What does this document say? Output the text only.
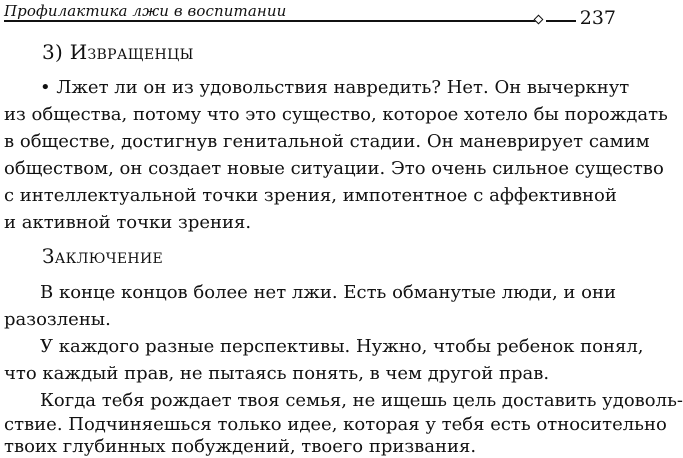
Профилактика лжи в воспитании	237
3) Извращенцы
• Лжет ли он из удовольствия навредить? Нет. Он вычеркнут
из общества, потому что это существо, которое хотело бы порождать
в обществе, достигнув генитальной стадии. Он маневрирует самим
обществом, он создает новые ситуации. Это очень сильное существо
с интеллектуальной точки зрения, импотентное с аффективной
и активной точки зрения.
Заключение
В конце концов более нет лжи. Есть обманутые люди, и они
разозлены.
У каждого разные перспективы. Нужно, чтобы ребенок понял,
что каждый прав, не пытаясь понять, в чем другой прав.
Когда тебя рождает твоя семья, не ищешь цель доставить удоволь-
ствие. Подчиняешься только идее, которая у тебя есть относительно
твоих глубинных побуждений, твоего призвания.
